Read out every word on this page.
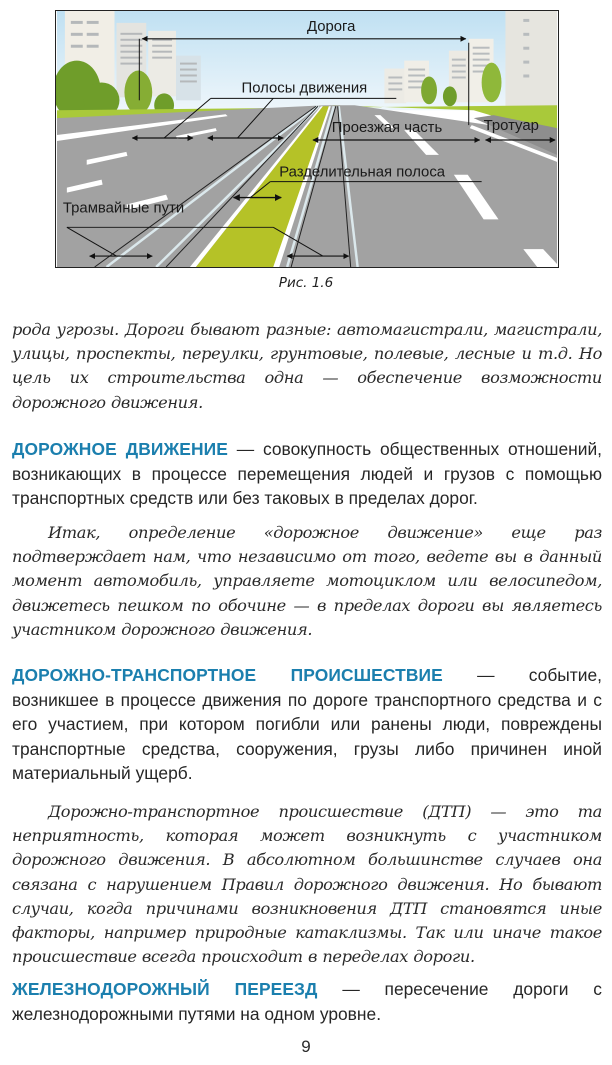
Дорога
Полосы движения
Проезжая часть	Тротуар
Разделительная полоса
Трамвайные пути
Рис. 1.6

рода угрозы. Дороги бывают разные: автомагистрали, магистрали, улицы, проспекты, переулки, грунтовые, полевые, лесные и т.д. Но цель их строительства одна — обеспечение возможности дорожного движения.

ДОРОЖНОЕ ДВИЖЕНИЕ — совокупность общественных отношений, возникающих в процессе перемещения людей и грузов с помощью транспортных средств или без таковых в пределах дорог.

Итак, определение «дорожное движение» еще раз подтверждает нам, что независимо от того, ведете вы в данный момент автомобиль, управляете мотоциклом или велосипедом, движетесь пешком по обочине — в пределах дороги вы являетесь участником дорожного движения.

ДОРОЖНО-ТРАНСПОРТНОЕ ПРОИСШЕСТВИЕ — событие, возникшее в процессе движения по дороге транспортного средства и с его участием, при котором погибли или ранены люди, повреждены транспортные средства, сооружения, грузы либо причинен иной материальный ущерб.

Дорожно-транспортное происшествие (ДТП) — это та неприятность, которая может возникнуть с участником дорожного движения. В абсолютном большинстве случаев она связана с нарушением Правил дорожного движения. Но бывают случаи, когда причинами возникновения ДТП становятся иные факторы, например природные катаклизмы. Так или иначе такое происшествие всегда происходит в переделах дороги.

ЖЕЛЕЗНОДОРОЖНЫЙ ПЕРЕЕЗД — пересечение дороги с железнодорожными путями на одном уровне.

9
